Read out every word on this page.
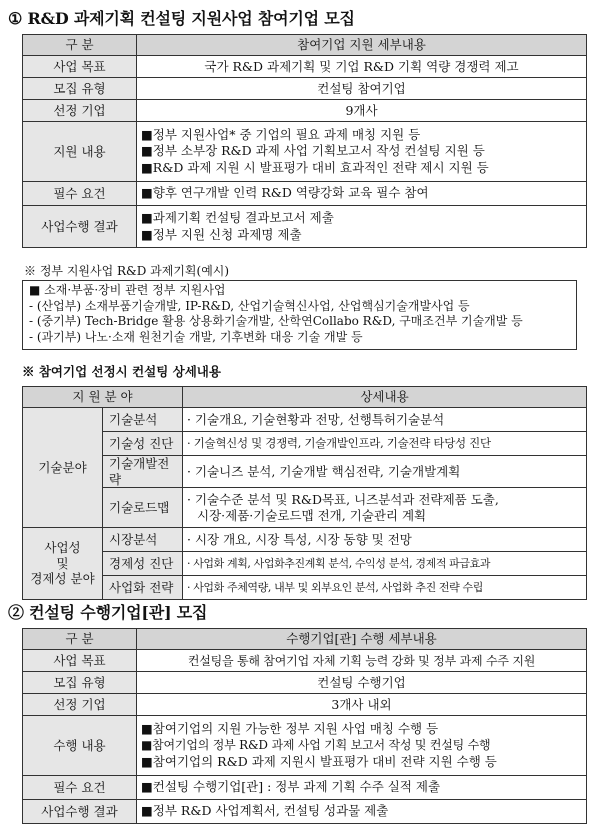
① R&D 과제기획 컨설팅 지원사업 참여기업 모집
구 분	참여기업 지원 세부내용
사업 목표	국가 R&D 과제기획 및 기업 R&D 기획 역량 경쟁력 제고
모집 유형	컨설팅 참여기업
선정 기업	9개사
지원 내용	■정부 지원사업* 중 기업의 필요 과제 매칭 지원 등
■정부 소부장 R&D 과제 사업 기획보고서 작성 컨설팅 지원 등
■R&D 과제 지원 시 발표평가 대비 효과적인 전략 제시 지원 등

필수 요건	■향후 연구개발 인력 R&D 역량강화 교육 필수 참여

사업수행 결과	■과제기획 컨설팅 결과보고서 제출
■정부 지원 신청 과제명 제출
※ 정부 지원사업 R&D 과제기획(예시)
■ 소재·부품·장비 관련 정부 지원사업
- (산업부) 소재부품기술개발, IP-R&D, 산업기술혁신사업, 산업핵심기술개발사업 등
- (중기부) Tech-Bridge 활용 상용화기술개발, 산학연Collabo R&D, 구매조건부 기술개발 등
- (과기부) 나노·소재 원천기술 개발, 기후변화 대응 기술 개발 등
※ 참여기업 선정시 컨설팅 상세내용
지 원 분 야		상세내용
기술분야	기술분석	· 기술개요, 기술현황과 전망, 선행특허기술분석
	기술성 진단	· 기술혁신성 및 경쟁력, 기술개발인프라, 기술전략 타당성 진단
	기술개발전략	· 기술니즈 분석, 기술개발 핵심전략, 기술개발계획
	기술로드맵	· 기술수준 분석 및 R&D목표, 니즈분석과 전략제품 도출,
시장·제품·기술로드맵 전개, 기술관리 계획

사업성
및
경제성 분야	시장분석	· 시장 개요, 시장 특성, 시장 동향 및 전망
	경제성 진단	· 사업화 계획, 사업화추진계획 분석, 수익성 분석, 경제적 파급효과
	사업화 전략	· 사업화 주체역량, 내부 및 외부요인 분석, 사업화 추진 전략 수립
② 컨설팅 수행기업[관] 모집
구 분	수행기업[관] 수행 세부내용
사업 목표	컨설팅을 통해 참여기업 자체 기획 능력 강화 및 정부 과제 수주 지원
모집 유형	컨설팅 수행기업
선정 기업	3개사 내외
수행 내용	■참여기업의 지원 가능한 정부 지원 사업 매칭 수행 등
■참여기업의 정부 R&D 과제 사업 기획 보고서 작성 및 컨설팅 수행
■참여기업의 R&D 과제 지원시 발표평가 대비 전략 지원 수행 등

필수 요건	■컨설팅 수행기업[관] : 정부 과제 기획 수주 실적 제출

사업수행 결과	■정부 R&D 사업계획서, 컨설팅 성과물 제출
